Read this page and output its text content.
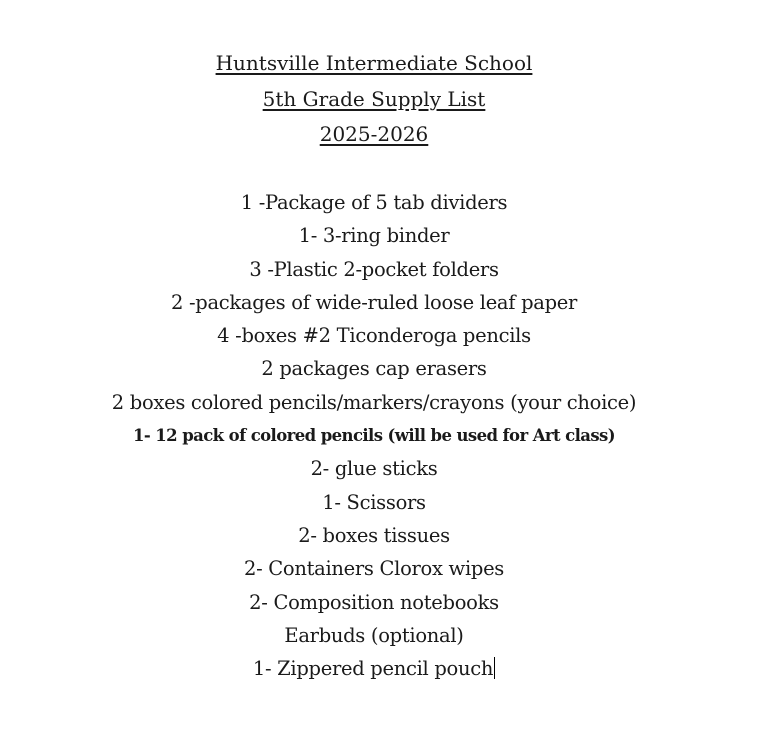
Huntsville Intermediate School
5th Grade Supply List
2025-2026
1 -Package of 5 tab dividers
1- 3-ring binder
3 -Plastic 2-pocket folders
2 -packages of wide-ruled loose leaf paper
4 -boxes #2 Ticonderoga pencils
2 packages cap erasers
2 boxes colored pencils/markers/crayons (your choice)
1- 12 pack of colored pencils (will be used for Art class)
2- glue sticks
1- Scissors
2- boxes tissues
2- Containers Clorox wipes
2- Composition notebooks
Earbuds (optional)
1- Zippered pencil pouch
